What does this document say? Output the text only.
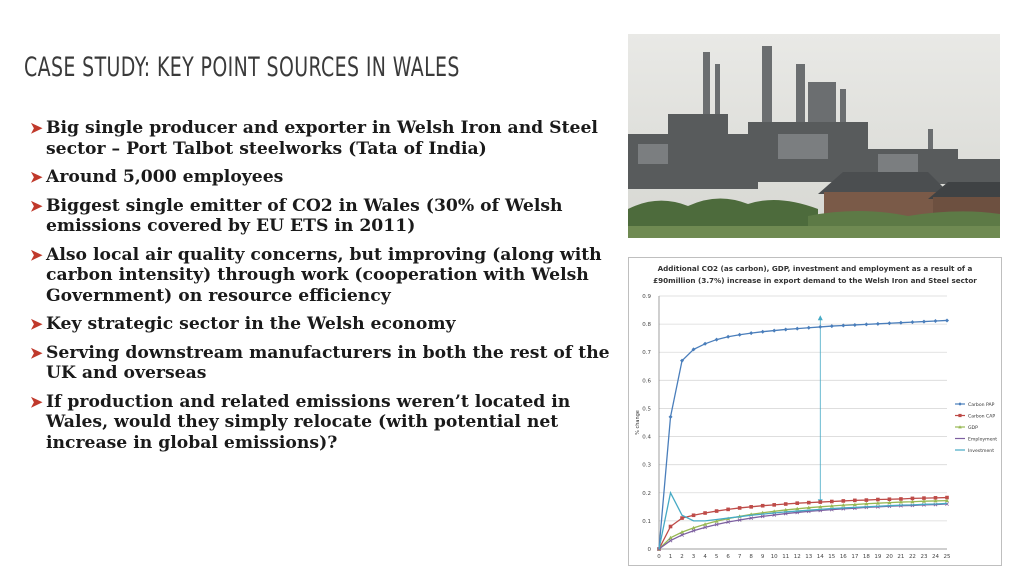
CASE STUDY: KEY POINT SOURCES IN WALES
➤ Big single producer and exporter in Welsh Iron and Steel sector – Port Talbot steelworks (Tata of India)
➤ Around 5,000 employees
➤ Biggest single emitter of CO2 in Wales (30% of Welsh emissions covered by EU ETS in 2011)
➤ Also local air quality concerns, but improving (along with carbon intensity) through work (cooperation with Welsh Government) on resource efficiency
➤ Key strategic sector in the Welsh economy
➤ Serving downstream manufacturers in both the rest of the UK and overseas
➤ If production and related emissions weren’t located in Wales, would they simply relocate (with potential net increase in global emissions)?
Additional CO2 (as carbon), GDP, investment and employment as a result of a
£90million (3.7%) increase in export demand to the Welsh Iron and Steel sector
0
0.1
0.2
0.3
0.4
0.5
0.6
0.7
0.8
0.9
0 1 2 3 4 5 6 7 8 9 10 11 12 13 14 15 16 17 18 19 20 21 22 23 24 25
% change
Carbon PAP
Carbon CAP
GDP
Employment
Investment
